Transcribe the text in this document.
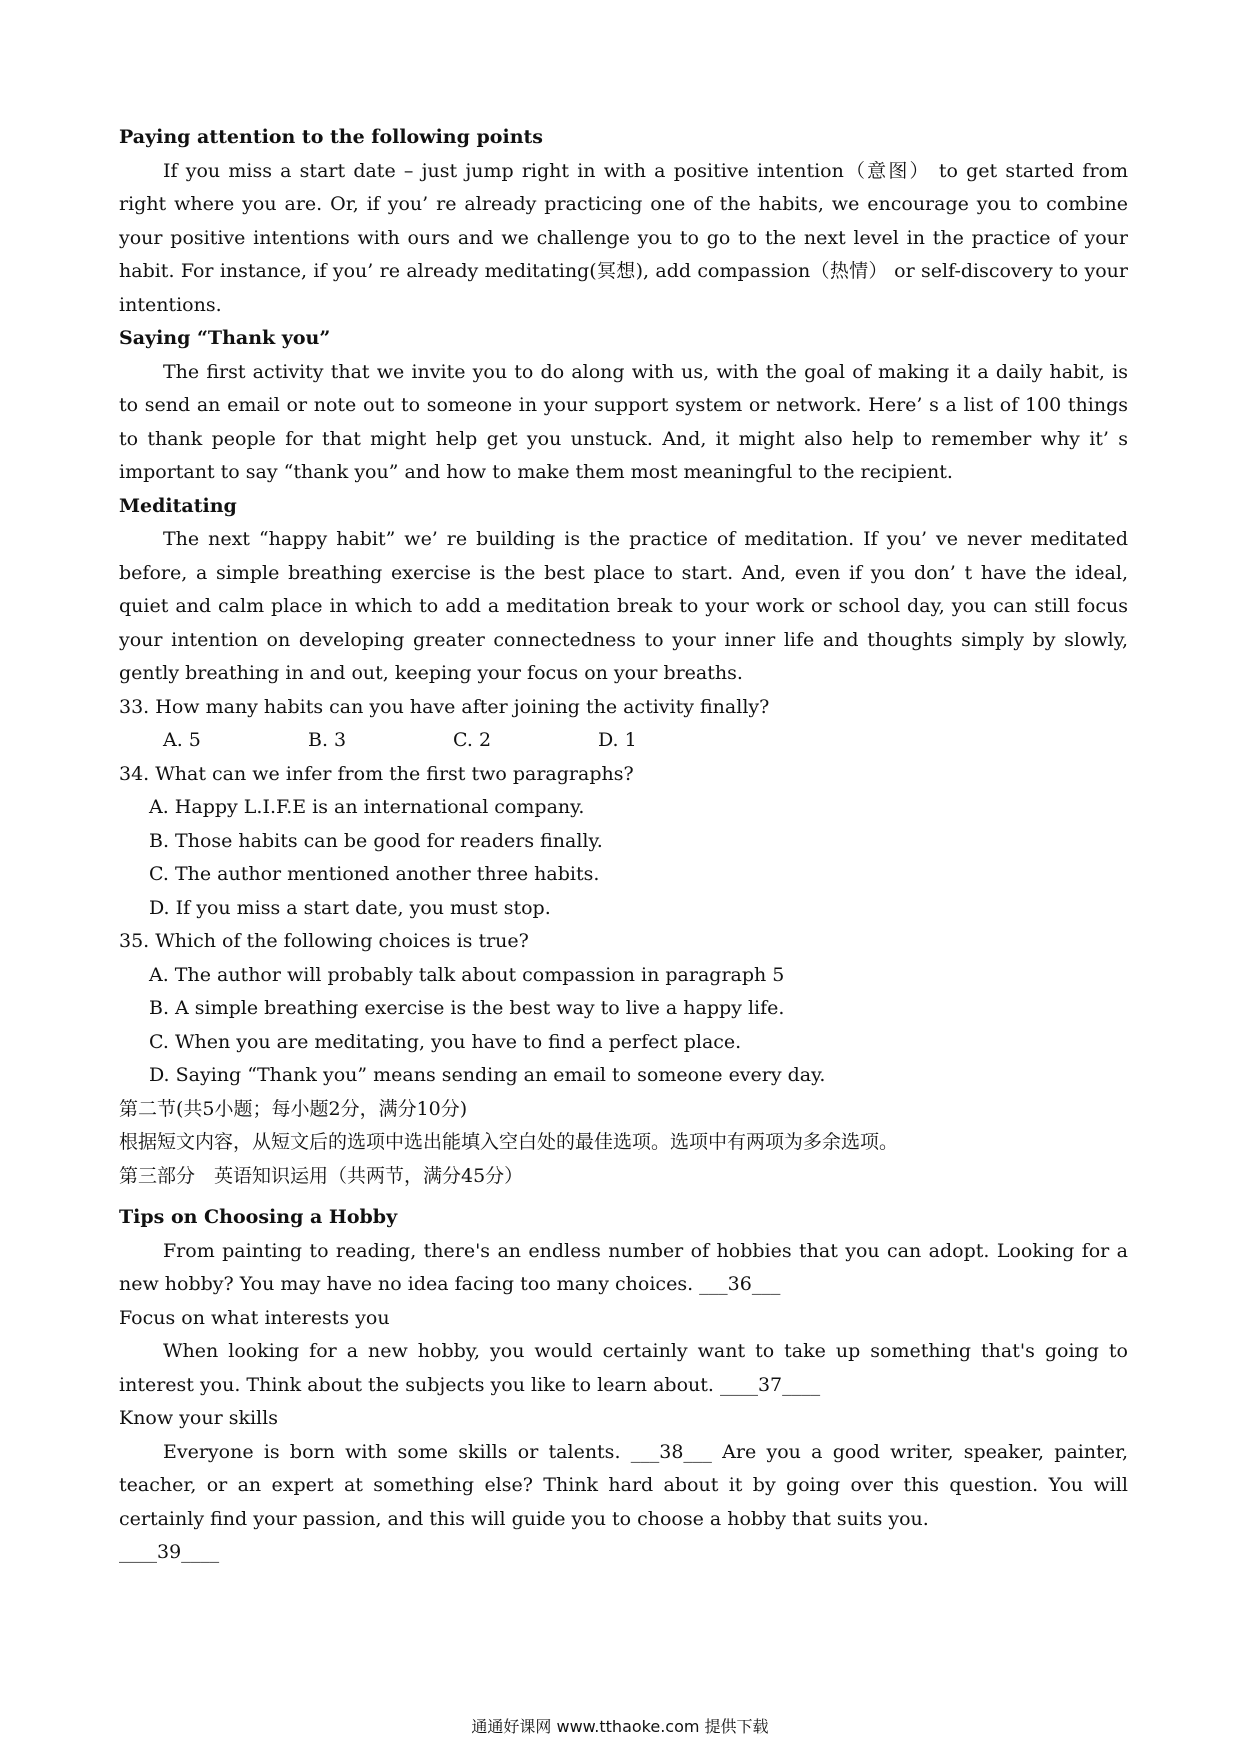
Paying attention to the following points

If you miss a start date – just jump right in with a positive intention（意图） to get started from right where you are. Or, if you’ re already practicing one of the habits, we encourage you to combine your positive intentions with ours and we challenge you to go to the next level in the practice of your habit. For instance, if you’ re already meditating(冥想), add compassion（热情） or self-discovery to your intentions.

Saying “Thank you”

The first activity that we invite you to do along with us, with the goal of making it a daily habit, is to send an email or note out to someone in your support system or network. Here’ s a list of 100 things to thank people for that might help get you unstuck. And, it might also help to remember why it’ s important to say “thank you” and how to make them most meaningful to the recipient.

Meditating

The next “happy habit” we’ re building is the practice of meditation. If you’ ve never meditated before, a simple breathing exercise is the best place to start. And, even if you don’ t have the ideal, quiet and calm place in which to add a meditation break to your work or school day, you can still focus your intention on developing greater connectedness to your inner life and thoughts simply by slowly, gently breathing in and out, keeping your focus on your breaths.

33. How many habits can you have after joining the activity finally?

A. 5	B. 3	C. 2	D. 1

34. What can we infer from the first two paragraphs?

A. Happy L.I.F.E is an international company.

B. Those habits can be good for readers finally.

C. The author mentioned another three habits.

D. If you miss a start date, you must stop.

35. Which of the following choices is true?

A. The author will probably talk about compassion in paragraph 5

B. A simple breathing exercise is the best way to live a happy life.

C. When you are meditating, you have to find a perfect place.

D. Saying “Thank you” means sending an email to someone every day.

第二节(共5小题；每小题2分，满分10分)

根据短文内容，从短文后的选项中选出能填入空白处的最佳选项。选项中有两项为多余选项。

第三部分　英语知识运用（共两节，满分45分）

Tips on Choosing a Hobby

From painting to reading, there's an endless number of hobbies that you can adopt. Looking for a new hobby? You may have no idea facing too many choices. ___36___

Focus on what interests you

When looking for a new hobby, you would certainly want to take up something that's going to interest you. Think about the subjects you like to learn about. ____37____

Know your skills

Everyone is born with some skills or talents. ___38___ Are you a good writer, speaker, painter, teacher, or an expert at something else? Think hard about it by going over this question. You will certainly find your passion, and this will guide you to choose a hobby that suits you.

____39____

通通好课网 www.tthaoke.com 提供下载
